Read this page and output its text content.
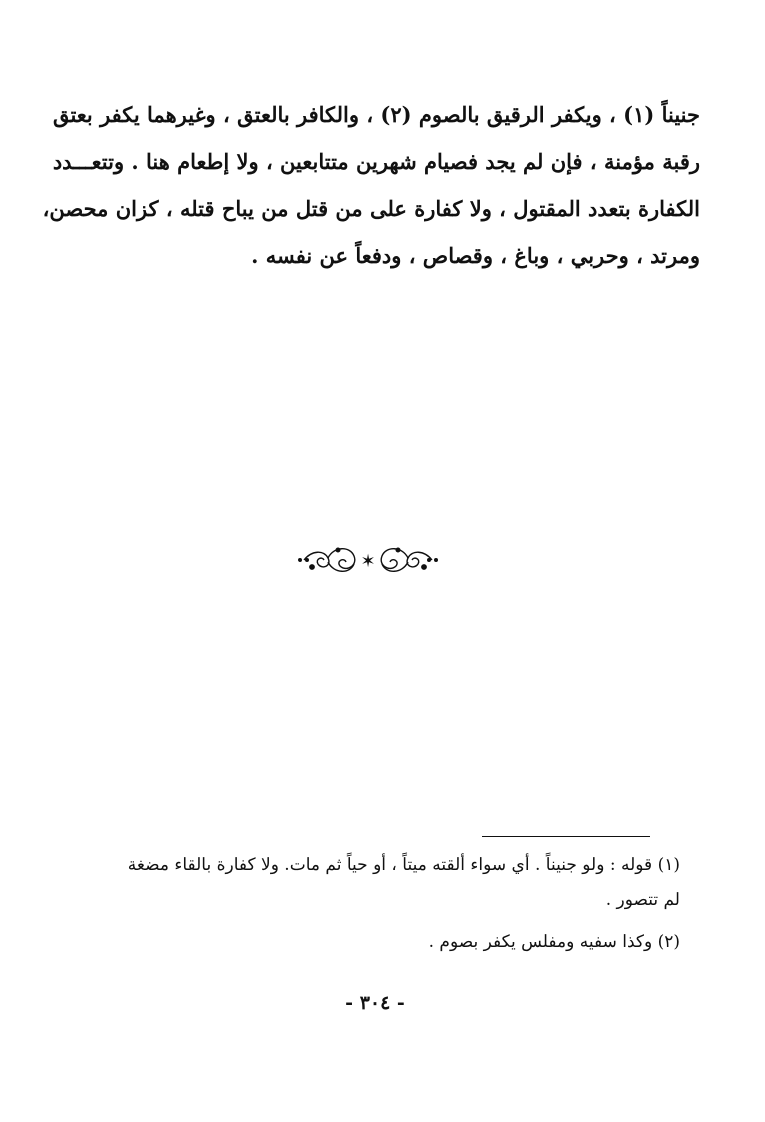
جنيناً (١) ، ويكفر الرقيق بالصوم (٢) ، والكافر بالعتق ، وغيرهما يكفر بعتق
رقبة مؤمنة ، فإن لم يجد فصيام شهرين متتابعين ، ولا إطعام هنا . وتتعـــدد
الكفارة بتعدد المقتول ، ولا كفارة على من قتل من يباح قتله ، كزان محصن،
ومرتد ، وحربي ، وباغ ، وقصاص ، ودفعاً عن نفسه .
✶
(١) قوله : ولو جنيناً . أي سواء ألقته ميتاً ، أو حياً ثم مات. ولا كفارة بالقاء مضغة
لم تتصور .
(٢) وكذا سفيه ومفلس يكفر بصوم .
- ٣٠٤ -
